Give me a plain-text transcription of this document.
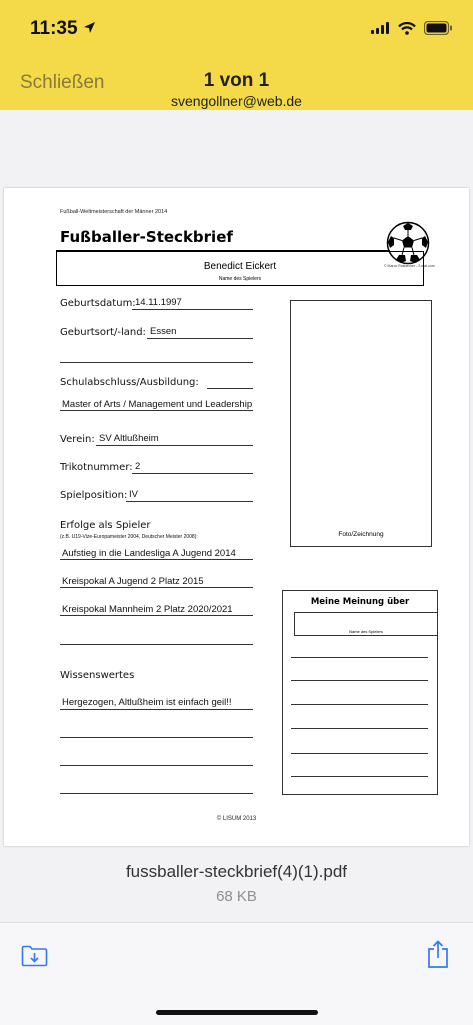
11:35
Schließen	1 von 1
svengollner@web.de
Fußball-Weltmeisterschaft der Männer 2014
Fußballer-Steckbrief
© Marco Rosbecher - 2-mal.com
Benedict Eickert
Name des Spielers
Geburtsdatum: 14.11.1997
Geburtsort/-land: Essen
Schulabschluss/Ausbildung:
Master of Arts / Management und Leadership
Verein: SV Altlußheim
Trikotnummer: 2
Spielposition: IV
Erfolge als Spieler
(z.B. U19-Vize-Europameister 2004, Deutscher Meister 2008):
Aufstieg in die Landesliga A Jugend 2014
Kreispokal A Jugend 2 Platz 2015
Kreispokal Mannheim 2 Platz 2020/2021
Wissenswertes
Hergezogen, Altlußheim ist einfach geil!!
Foto/Zeichnung
Meine Meinung über
Name des Spielers
© LISUM 2013
fussballer-steckbrief(4)(1).pdf
68 KB
